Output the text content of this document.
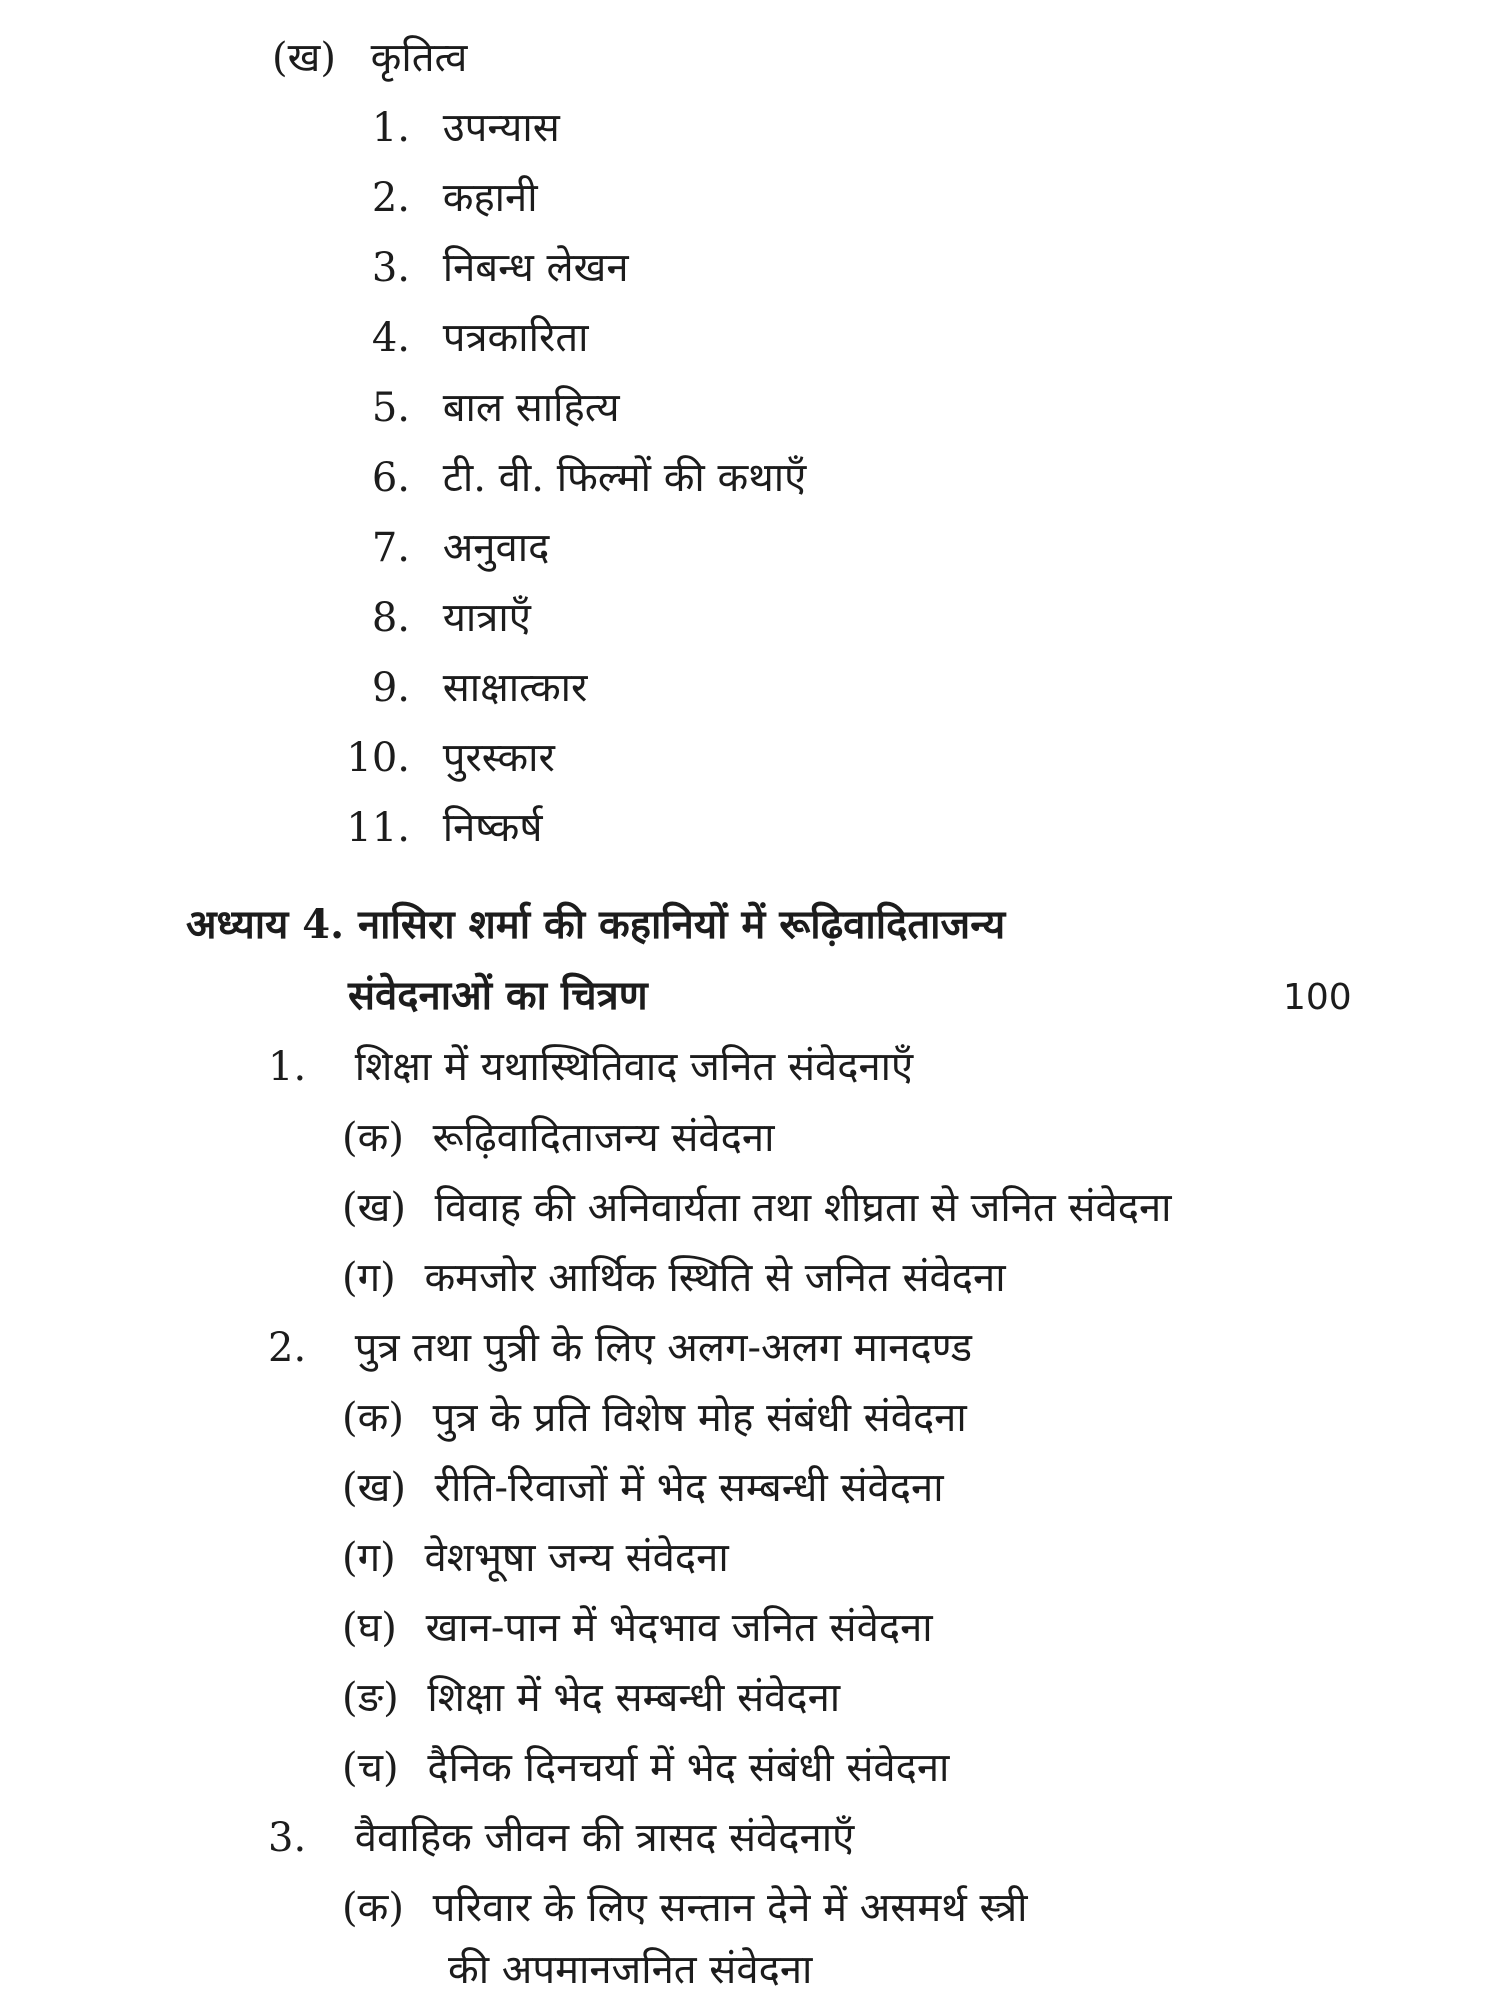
(ख) कृतित्व
1. उपन्यास
2. कहानी
3. निबन्ध लेखन
4. पत्रकारिता
5. बाल साहित्य
6. टी. वी. फिल्मों की कथाएँ
7. अनुवाद
8. यात्राएँ
9. साक्षात्कार
10. पुरस्कार
11. निष्कर्ष
अध्याय 4. नासिरा शर्मा की कहानियों में रूढ़िवादिताजन्य
संवेदनाओं का चित्रण	100
1. शिक्षा में यथास्थितिवाद जनित संवेदनाएँ
(क) रूढ़िवादिताजन्य संवेदना
(ख) विवाह की अनिवार्यता तथा शीघ्रता से जनित संवेदना
(ग) कमजोर आर्थिक स्थिति से जनित संवेदना
2. पुत्र तथा पुत्री के लिए अलग-अलग मानदण्ड
(क) पुत्र के प्रति विशेष मोह संबंधी संवेदना
(ख) रीति-रिवाजों में भेद सम्बन्धी संवेदना
(ग) वेशभूषा जन्य संवेदना
(घ) खान-पान में भेदभाव जनित संवेदना
(ङ) शिक्षा में भेद सम्बन्धी संवेदना
(च) दैनिक दिनचर्या में भेद संबंधी संवेदना
3. वैवाहिक जीवन की त्रासद संवेदनाएँ
(क) परिवार के लिए सन्तान देने में असमर्थ स्त्री
की अपमानजनित संवेदना
